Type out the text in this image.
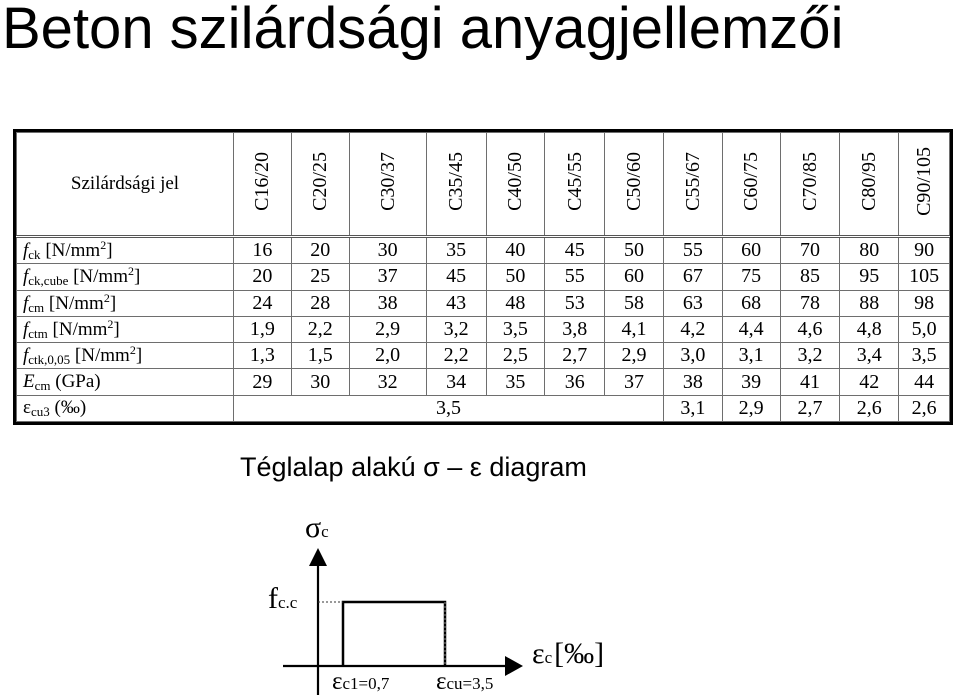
Beton szilárdsági anyagjellemzői
Szilárdsági jel	C16/20	C20/25	C30/37	C35/45	C40/50	C45/55	C50/60	C55/67	C60/75	C70/85	C80/95	C90/105
$f_{ck}$ $[N/mm^2]$	16	20	30	35	40	45	50	55	60	70	80	90
$f_{ck,cube}$ $[N/mm^2]$	20	25	37	45	50	55	60	67	75	85	95	105
$f_{cm}$ $[N/mm^2]$	24	28	38	43	48	53	58	63	68	78	88	98
$f_{ctm}$ $[N/mm^2]$	1,9	2,2	2,9	3,2	3,5	3,8	4,1	4,2	4,4	4,6	4,8	5,0
$f_{ctk,0,05}$ $[N/mm^2]$	1,3	1,5	2,0	2,2	2,5	2,7	2,9	3,0	3,1	3,2	3,4	3,5
$E_{cm}$ (GPa)	29	30	32	34	35	36	37	38	39	41	42	44
$\varepsilon_{cu3}$ (‰)	3,5							3,1	2,9	2,7	2,6	2,6
Téglalap alakú σ – ε diagram
σc
fc.c
εc[‰]
εc1=0,7 εcu=3,5
